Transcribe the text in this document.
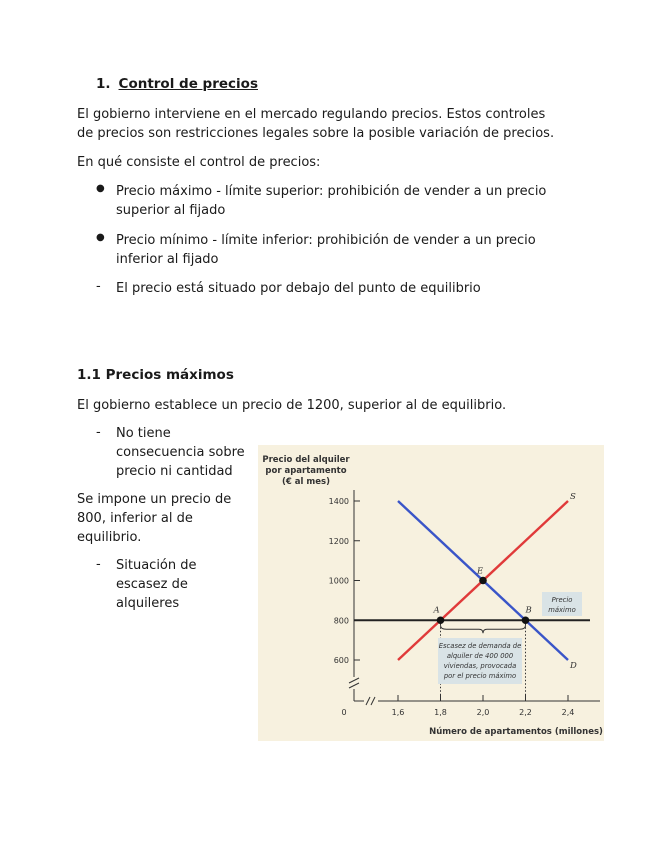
1. Control de precios
El gobierno interviene en el mercado regulando precios. Estos controles de precios son restricciones legales sobre la posible variación de precios.
En qué consiste el control de precios:
● Precio máximo - límite superior: prohibición de vender a un precio superior al fijado
● Precio mínimo - límite inferior: prohibición de vender a un precio inferior al fijado
- El precio está situado por debajo del punto de equilibrio
1.1 Precios máximos
El gobierno establece un precio de 1200, superior al de equilibrio.
- No tiene consecuencia sobre precio ni cantidad
Se impone un precio de 800, inferior al de equilibrio.
- Situación de escasez de alquileres
Precio del alquiler
por apartamento
(€ al mes)
0
Número de apartamentos (millones)
600
800
1000
1200
1400
1,6	1,8	2,0	2,2	2,4
S
D
A
E
B
Escasez de demanda de
alquiler de 400 000
viviendas, provocada
por el precio máximo
Precio
máximo
